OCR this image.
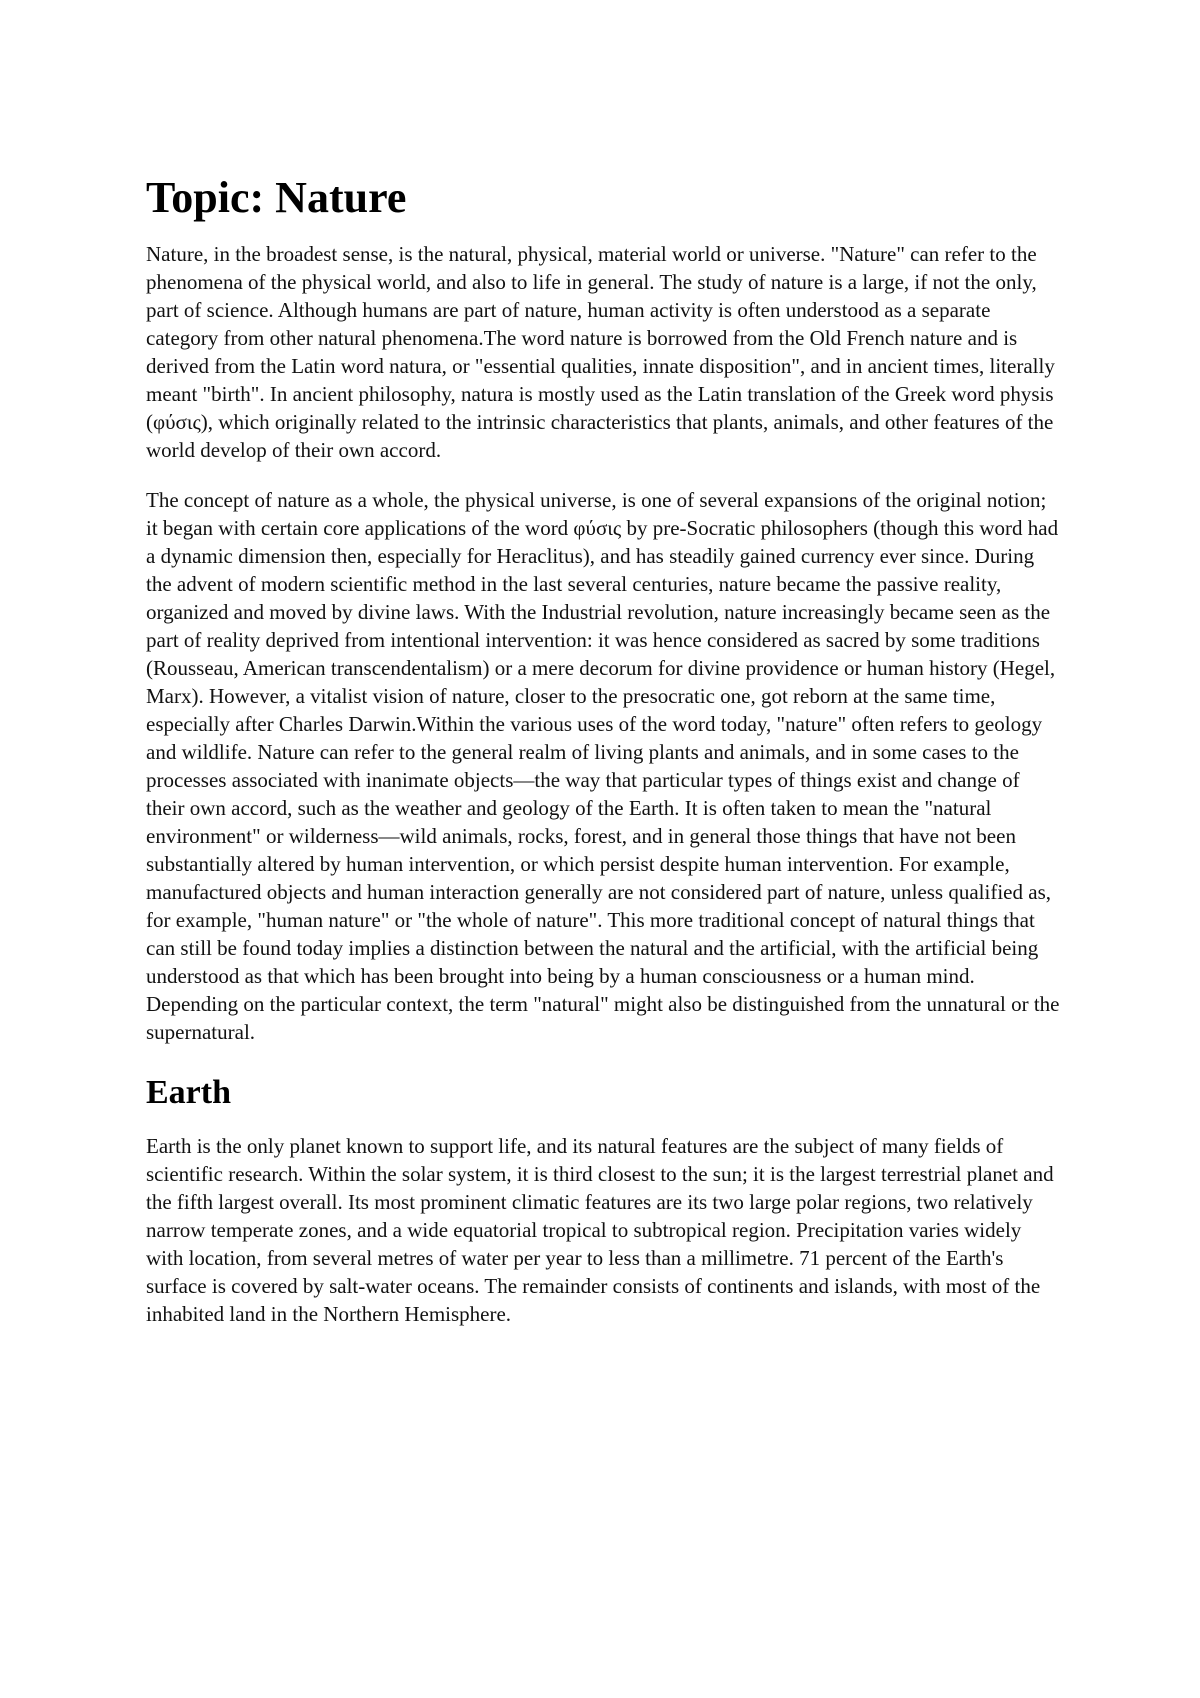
Topic: Nature

Nature, in the broadest sense, is the natural, physical, material world or universe. "Nature" can refer to the phenomena of the physical world, and also to life in general. The study of nature is a large, if not the only, part of science. Although humans are part of nature, human activity is often understood as a separate category from other natural phenomena.The word nature is borrowed from the Old French nature and is derived from the Latin word natura, or "essential qualities, innate disposition", and in ancient times, literally meant "birth". In ancient philosophy, natura is mostly used as the Latin translation of the Greek word physis (φύσις), which originally related to the intrinsic characteristics that plants, animals, and other features of the world develop of their own accord.

The concept of nature as a whole, the physical universe, is one of several expansions of the original notion; it began with certain core applications of the word φύσις by pre-Socratic philosophers (though this word had a dynamic dimension then, especially for Heraclitus), and has steadily gained currency ever since. During the advent of modern scientific method in the last several centuries, nature became the passive reality, organized and moved by divine laws. With the Industrial revolution, nature increasingly became seen as the part of reality deprived from intentional intervention: it was hence considered as sacred by some traditions (Rousseau, American transcendentalism) or a mere decorum for divine providence or human history (Hegel, Marx). However, a vitalist vision of nature, closer to the presocratic one, got reborn at the same time, especially after Charles Darwin.Within the various uses of the word today, "nature" often refers to geology and wildlife. Nature can refer to the general realm of living plants and animals, and in some cases to the processes associated with inanimate objects—the way that particular types of things exist and change of their own accord, such as the weather and geology of the Earth. It is often taken to mean the "natural environment" or wilderness—wild animals, rocks, forest, and in general those things that have not been substantially altered by human intervention, or which persist despite human intervention. For example, manufactured objects and human interaction generally are not considered part of nature, unless qualified as, for example, "human nature" or "the whole of nature". This more traditional concept of natural things that can still be found today implies a distinction between the natural and the artificial, with the artificial being understood as that which has been brought into being by a human consciousness or a human mind. Depending on the particular context, the term "natural" might also be distinguished from the unnatural or the supernatural.

Earth

Earth is the only planet known to support life, and its natural features are the subject of many fields of scientific research. Within the solar system, it is third closest to the sun; it is the largest terrestrial planet and the fifth largest overall. Its most prominent climatic features are its two large polar regions, two relatively narrow temperate zones, and a wide equatorial tropical to subtropical region. Precipitation varies widely with location, from several metres of water per year to less than a millimetre. 71 percent of the Earth's surface is covered by salt-water oceans. The remainder consists of continents and islands, with most of the inhabited land in the Northern Hemisphere.
